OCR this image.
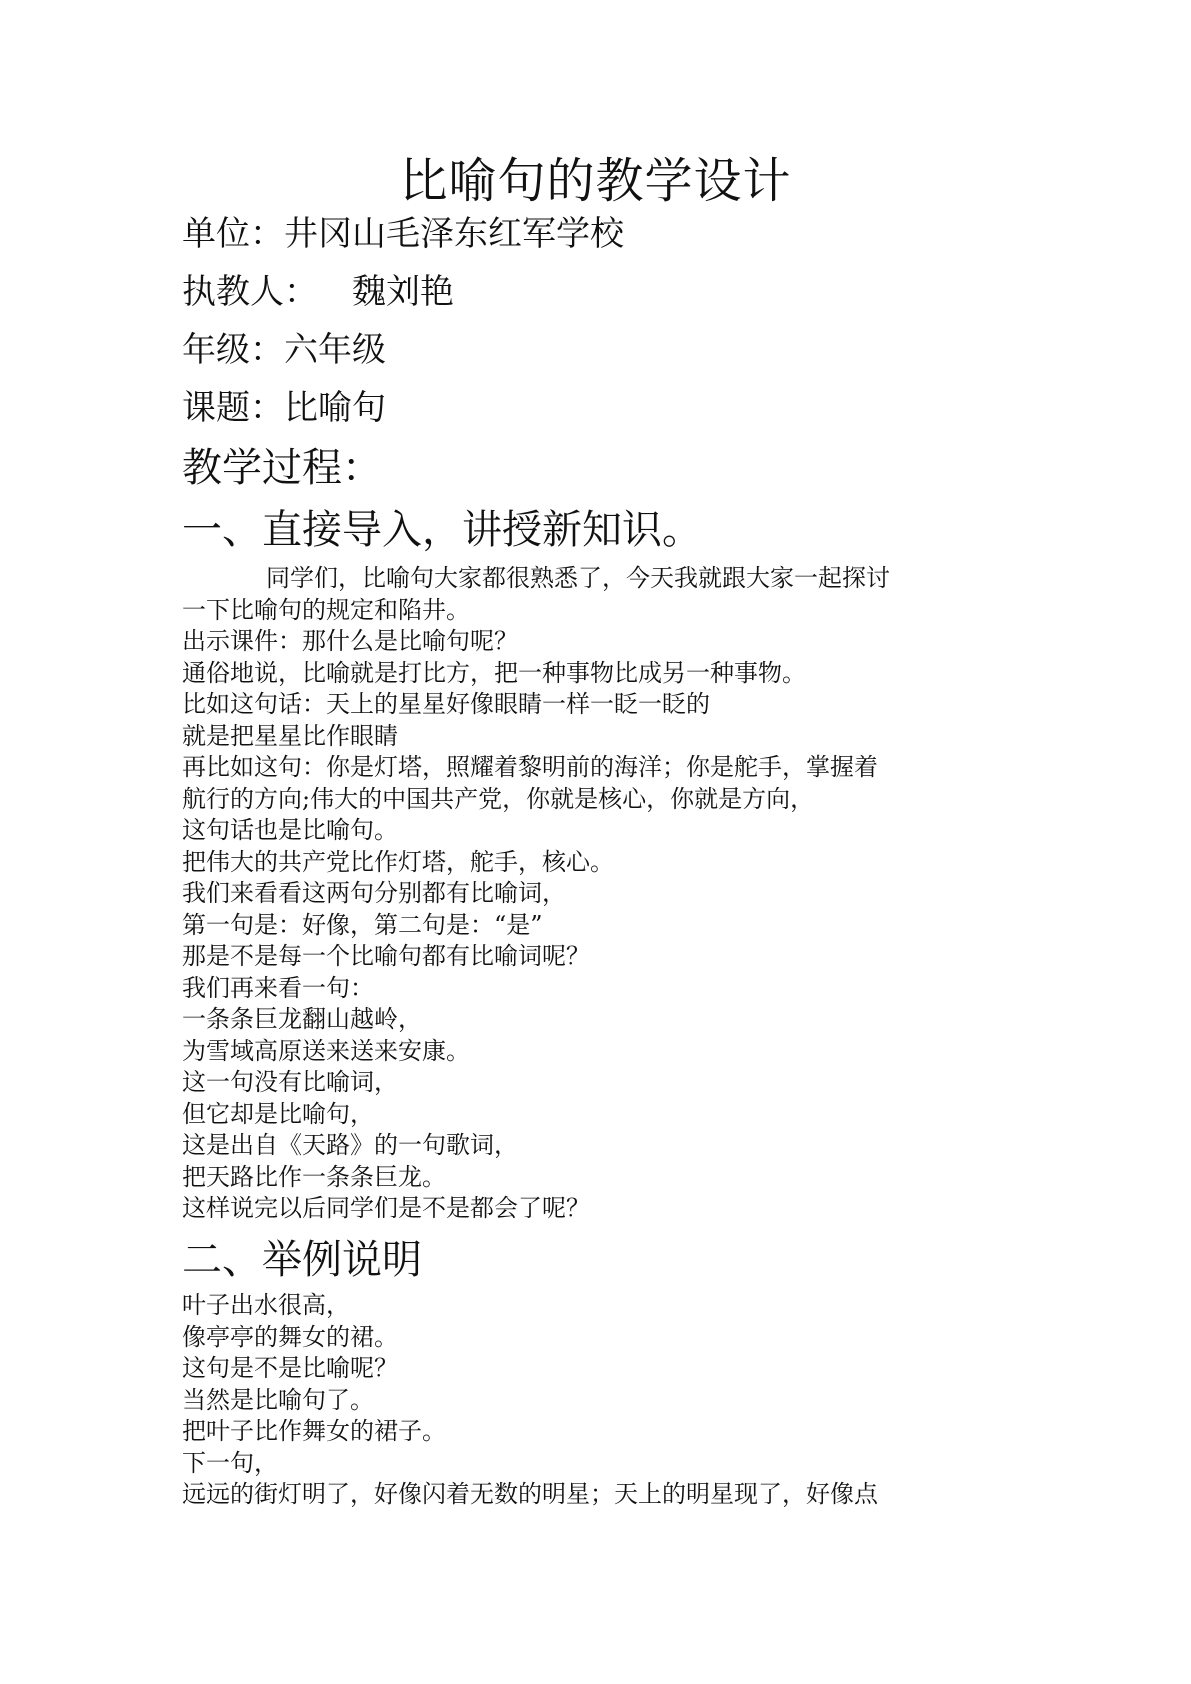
比喻句的教学设计
单位：井冈山毛泽东红军学校
执教人： 魏刘艳
年级：六年级
课题：比喻句
教学过程：
一、直接导入，讲授新知识。
同学们，比喻句大家都很熟悉了，今天我就跟大家一起探讨
一下比喻句的规定和陷井。
出示课件：那什么是比喻句呢？
通俗地说，比喻就是打比方，把一种事物比成另一种事物。
比如这句话：天上的星星好像眼睛一样一眨一眨的
就是把星星比作眼睛
再比如这句：你是灯塔，照耀着黎明前的海洋；你是舵手，掌握着
航行的方向;伟大的中国共产党，你就是核心，你就是方向，
这句话也是比喻句。
把伟大的共产党比作灯塔，舵手，核心。
我们来看看这两句分别都有比喻词，
第一句是：好像，第二句是：“是”
那是不是每一个比喻句都有比喻词呢？
我们再来看一句：
一条条巨龙翻山越岭，
为雪域高原送来送来安康。
这一句没有比喻词，
但它却是比喻句，
这是出自《天路》的一句歌词，
把天路比作一条条巨龙。
这样说完以后同学们是不是都会了呢？
二、举例说明
叶子出水很高，
像亭亭的舞女的裙。
这句是不是比喻呢？
当然是比喻句了。
把叶子比作舞女的裙子。
下一句，
远远的街灯明了，好像闪着无数的明星；天上的明星现了，好像点
